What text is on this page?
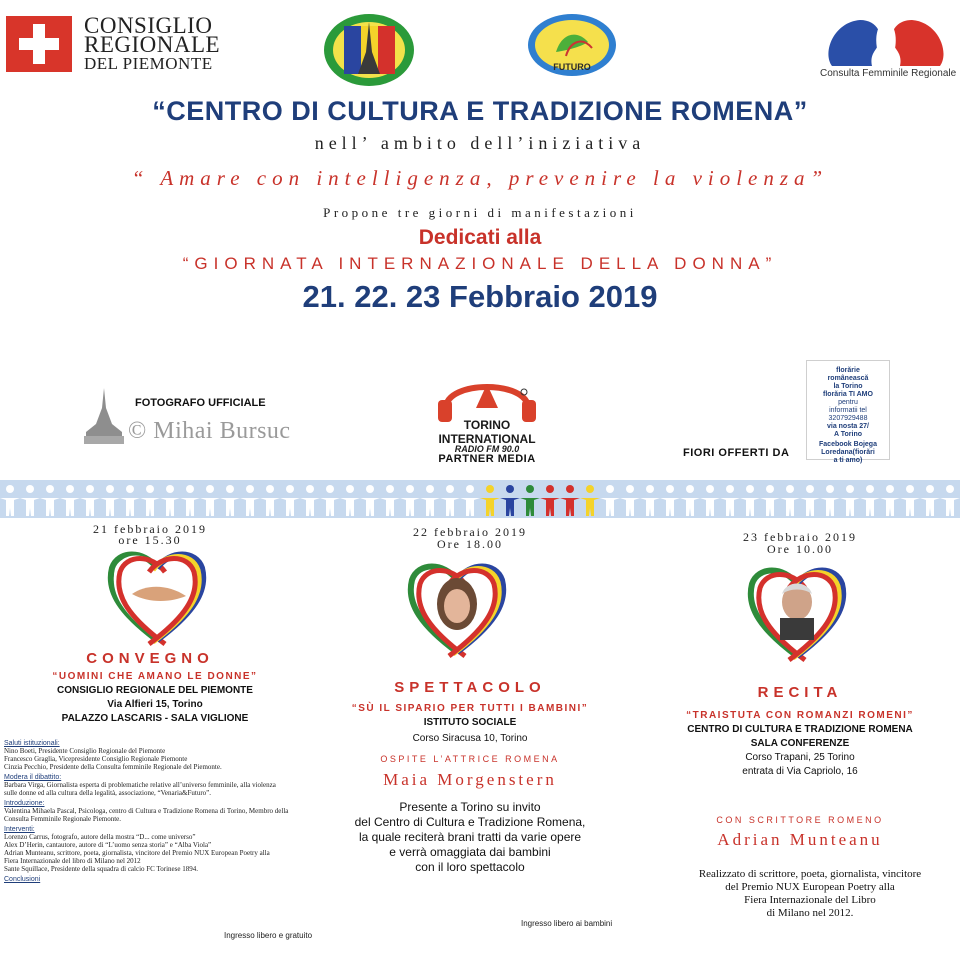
CONSIGLIO
REGIONALE
DEL PIEMONTE	FUTURO
Consulta Femminile Regionale
“CENTRO DI CULTURA E TRADIZIONE ROMENA”
nell’ ambito dell’iniziativa
“ Amare con intelligenza, prevenire la violenza”
Propone tre giorni di manifestazioni
Dedicati alla
“GIORNATA INTERNAZIONALE DELLA DONNA”
21. 22. 23 Febbraio 2019
FOTOGRAFO UFFICIALE
© Mihai Bursuc	TORINO
INTERNATIONAL
RADIO FM 90.0
PARTNER MEDIA	FIORI OFFERTI DA
florărie
românească
la Torino
florăria TI AMO
pentru
informatii tel
3207929488
via nosta 27/
A Torino
Facebook Bojega
Loredana(fiorări
a ti amo)
21 febbraio 2019
ore 15.30
CONVEGNO
“UOMINI CHE AMANO LE DONNE”
CONSIGLIO REGIONALE DEL PIEMONTE
Via Alfieri 15, Torino
PALAZZO LASCARIS - SALA VIGLIONE
Saluti istituzionali:
Nino Boeti, Presidente Consiglio Regionale del Piemonte
Francesco Graglia, Vicepresidente Consiglio Regionale Piemonte
Cinzia Pecchio, Presidente della Consulta femminile Regionale del Piemonte.
Modera il dibattito:
Barbara Virga, Giornalista esperta di problematiche relative all’universo femminile, alla violenza
sulle donne ed alla cultura della legalità, associazione, “Venaria&Futuro”.
Introduzione:
Valentina Mihaela Pascal, Psicologa, centro di Cultura e Tradizione Romena di Torino, Membro della
Consulta Femminile Regionale Piemonte.
Interventi:
Lorenzo Carrus, fotografo, autore della mostra “D... come universo”
Alex D’Herin, cantautore, autore di “L’uomo senza storia” e “Alba Viola”
Adrian Munteanu, scrittore, poeta, giornalista, vincitore del Premio NUX European Poetry alla
Fiera Internazionale del libro di Milano nel 2012
Sante Squillace, Presidente della squadra di calcio FC Torinese 1894.
Conclusioni
Ingresso libero e gratuito
22 febbraio 2019
Ore 18.00
SPETTACOLO
“SÙ IL SIPARIO PER TUTTI I BAMBINI”
ISTITUTO SOCIALE
Corso Siracusa 10, Torino
OSPITE L’ATTRICE ROMENA
Maia Morgenstern
Presente a Torino su invito
del Centro di Cultura e Tradizione Romena,
la quale reciterà brani tratti da varie opere
e verrà omaggiata dai bambini
con il loro spettacolo
Ingresso libero ai bambini
23 febbraio 2019
Ore 10.00
RECITA
“TRAISTUTA CON ROMANZI ROMENI”
CENTRO DI CULTURA E TRADIZIONE ROMENA
SALA CONFERENZE
Corso Trapani, 25 Torino
entrata di Via Capriolo, 16
CON SCRITTORE ROMENO
Adrian Munteanu
Realizzato di scrittore, poeta, giornalista, vincitore
del Premio NUX European Poetry alla
Fiera Internazionale del Libro
di Milano nel 2012.
